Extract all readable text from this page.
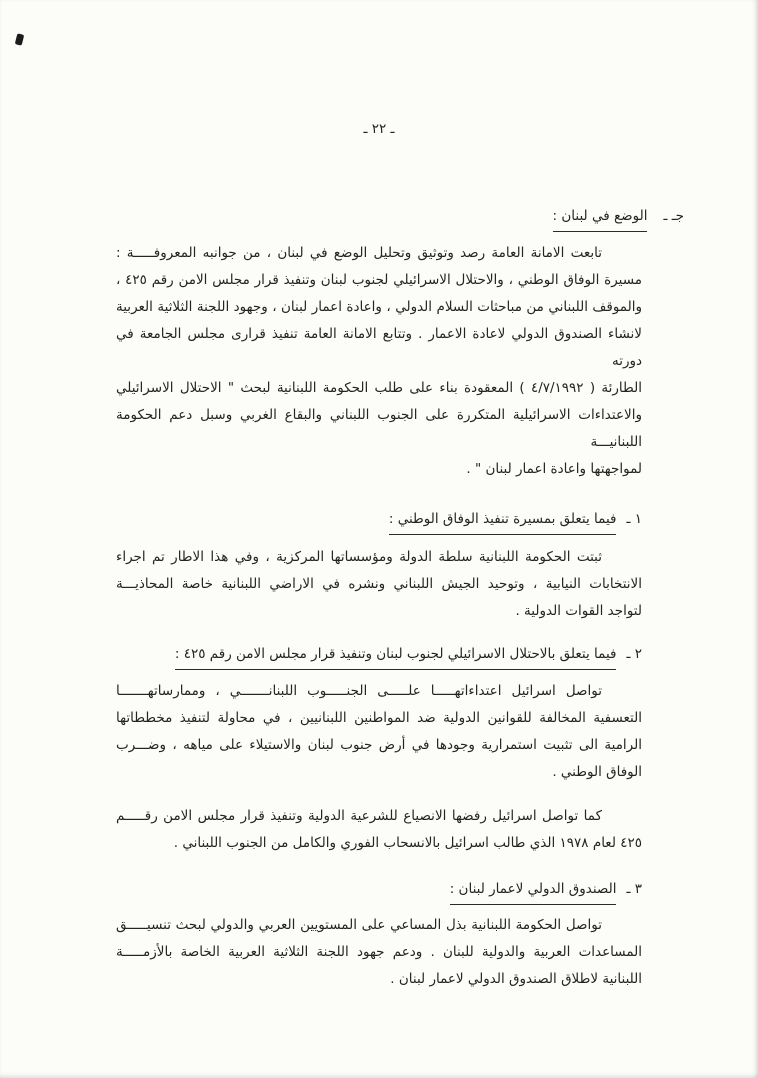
ـ ٢٢ ـ
جـ ـالوضع في لبنان :
تابعت الامانة العامة رصد وتوثيق وتحليل الوضع في لبنان ، من جوانبه المعروفـــــة :
مسيرة الوفاق الوطني ، والاحتلال الاسرائيلي لجنوب لبنان وتنفيذ قرار مجلس الامن رقم ٤٢٥ ،
والموقف اللبناني من مباحثات السلام الدولي ، واعادة اعمار لبنان ، وجهود اللجنة الثلاثية العربية
لانشاء الصندوق الدولي لاعادة الاعمار . وتتابع الامانة العامة تنفيذ قرارى مجلس الجامعة في دورته
الطارئة ( ٤/٧/١٩٩٢ ) المعقودة بناء على طلب الحكومة اللبنانية لبحث " الاحتلال الاسرائيلي
والاعتداءات الاسرائيلية المتكررة على الجنوب اللبناني والبقاع الغربي وسبل دعم الحكومة اللبنانيـــة
لمواجهتها واعادة اعمار لبنان " .
١ ـفيما يتعلق بمسيرة تنفيذ الوفاق الوطني :
ثبتت الحكومة اللبنانية سلطة الدولة ومؤسساتها المركزية ، وفي هذا الاطار تم اجراء
الانتخابات النيابية ، وتوحيد الجيش اللبناني ونشره في الاراضي اللبنانية خاصة المحاذيـــة
لتواجد القوات الدولية .
٢ ـفيما يتعلق بالاحتلال الاسرائيلي لجنوب لبنان وتنفيذ قرار مجلس الامن رقم ٤٢٥ :
تواصل اسرائيل اعتداءاتهـــــا علـــــى الجنـــــوب اللبنانـــــــي ، وممارساتهـــــــا
التعسفية المخالفة للقوانين الدولية ضد المواطنين اللبنانيين ، في محاولة لتنفيذ مخططاتها
الرامية الى تثبيت استمرارية وجودها في أرض جنوب لبنان والاستيلاء على مياهه ، وضـــرب
الوفاق الوطني .
كما تواصل اسرائيل رفضها الانصياع للشرعية الدولية وتنفيذ قرار مجلس الامن رقـــــم
٤٢٥ لعام ١٩٧٨ الذي طالب اسرائيل بالانسحاب الفوري والكامل من الجنوب اللبناني .
٣ ـالصندوق الدولي لاعمار لبنان :
تواصل الحكومة اللبنانية بذل المساعي على المستويين العربي والدولي لبحث تنسيـــــق
المساعدات العربية والدولية للبنان . ودعم جهود اللجنة الثلاثية العربية الخاصة بالأزمـــــة
اللبنانية لاطلاق الصندوق الدولي لاعمار لبنان .
